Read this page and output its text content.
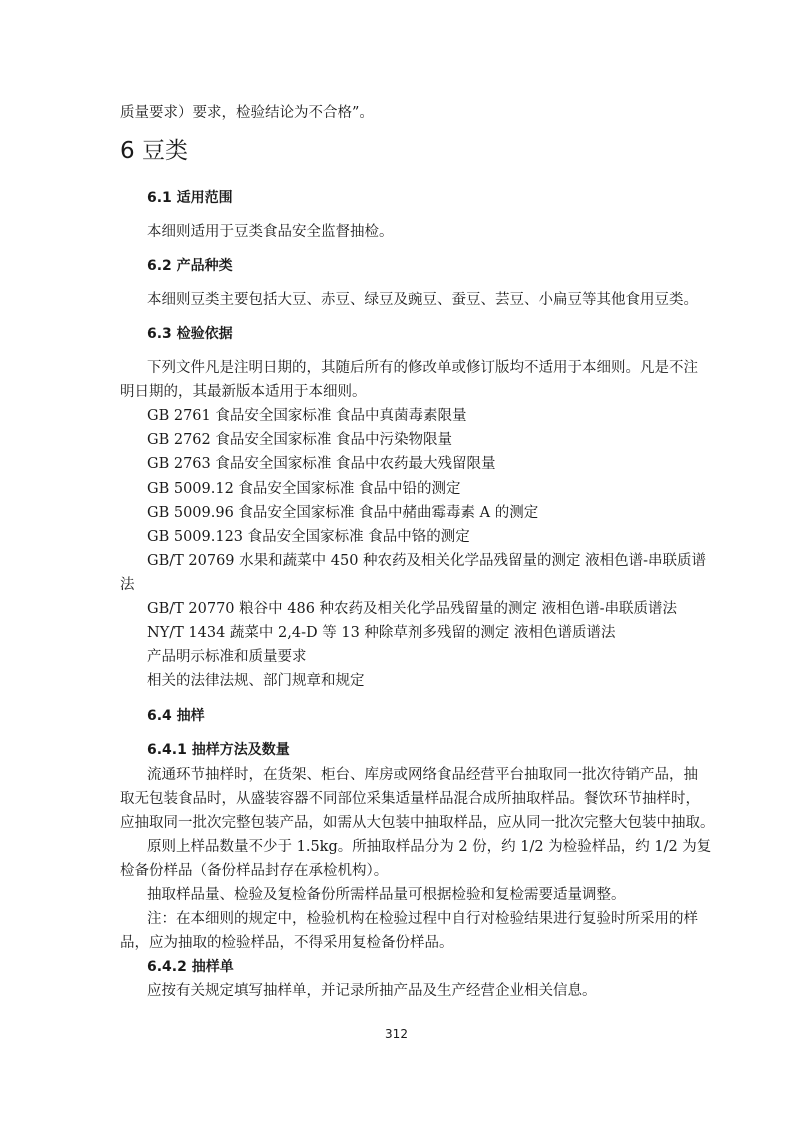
质量要求）要求，检验结论为不合格”。
6 豆类
6.1 适用范围
本细则适用于豆类食品安全监督抽检。
6.2 产品种类
本细则豆类主要包括大豆、赤豆、绿豆及豌豆、蚕豆、芸豆、小扁豆等其他食用豆类。
6.3 检验依据
下列文件凡是注明日期的，其随后所有的修改单或修订版均不适用于本细则。凡是不注
明日期的，其最新版本适用于本细则。
GB 2761 食品安全国家标准 食品中真菌毒素限量
GB 2762 食品安全国家标准 食品中污染物限量
GB 2763 食品安全国家标准 食品中农药最大残留限量
GB 5009.12 食品安全国家标准 食品中铅的测定
GB 5009.96 食品安全国家标准 食品中赭曲霉毒素 A 的测定
GB 5009.123 食品安全国家标准 食品中铬的测定
GB/T 20769 水果和蔬菜中 450 种农药及相关化学品残留量的测定 液相色谱-串联质谱
法
GB/T 20770 粮谷中 486 种农药及相关化学品残留量的测定 液相色谱-串联质谱法
NY/T 1434 蔬菜中 2,4-D 等 13 种除草剂多残留的测定 液相色谱质谱法
产品明示标准和质量要求
相关的法律法规、部门规章和规定
6.4 抽样
6.4.1 抽样方法及数量
流通环节抽样时，在货架、柜台、库房或网络食品经营平台抽取同一批次待销产品，抽
取无包装食品时，从盛装容器不同部位采集适量样品混合成所抽取样品。餐饮环节抽样时，
应抽取同一批次完整包装产品，如需从大包装中抽取样品，应从同一批次完整大包装中抽取。
原则上样品数量不少于 1.5kg。所抽取样品分为 2 份，约 1/2 为检验样品，约 1/2 为复
检备份样品（备份样品封存在承检机构）。
抽取样品量、检验及复检备份所需样品量可根据检验和复检需要适量调整。
注：在本细则的规定中，检验机构在检验过程中自行对检验结果进行复验时所采用的样
品，应为抽取的检验样品，不得采用复检备份样品。
6.4.2 抽样单
应按有关规定填写抽样单，并记录所抽产品及生产经营企业相关信息。
312
